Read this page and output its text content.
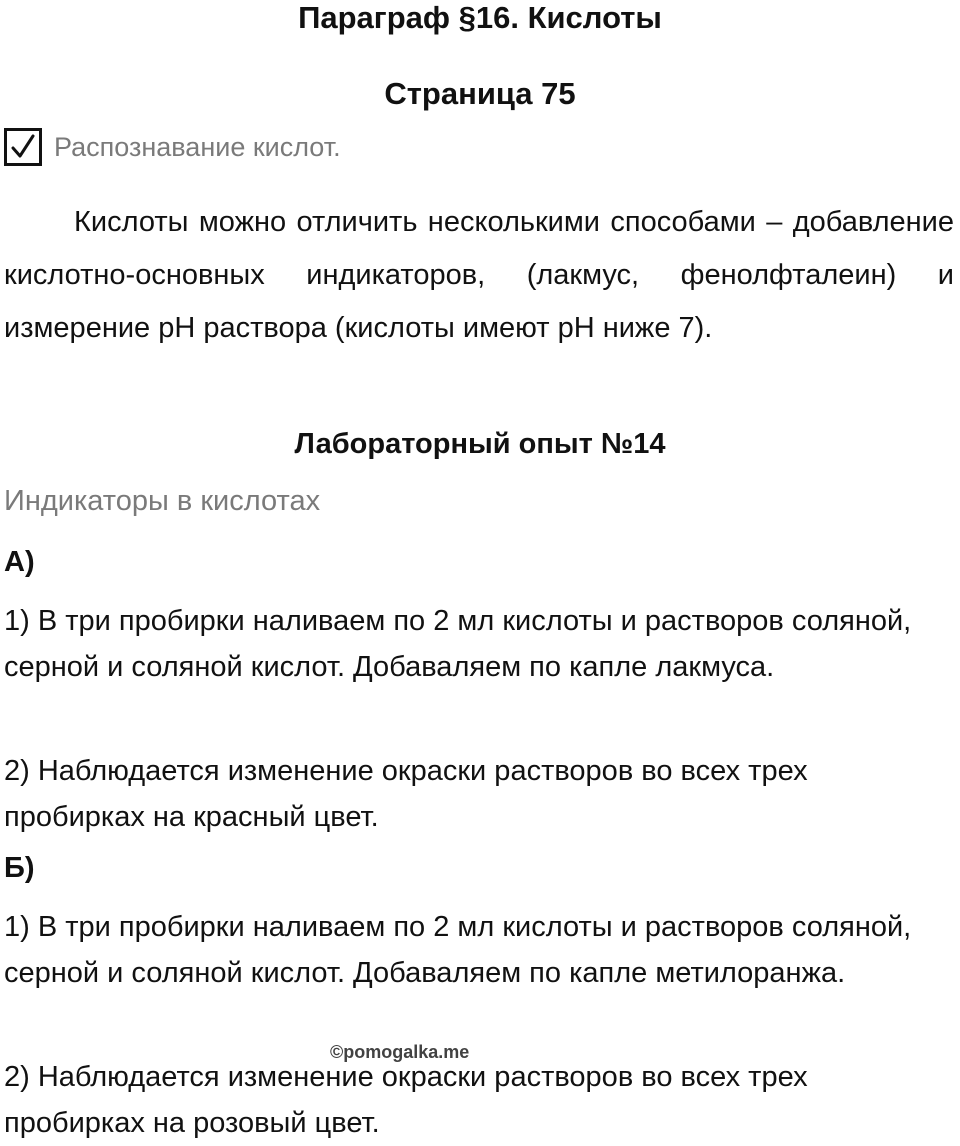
Параграф §16. Кислоты
Страница 75
Распознавание кислот.

Кислоты можно отличить несколькими способами – добавление кислотно-основных индикаторов, (лакмус, фенолфталеин) и измерение pH раствора (кислоты имеют pH ниже 7).

Лабораторный опыт №14

Индикаторы в кислотах

А)

1) В три пробирки наливаем по 2 мл кислоты и растворов соляной, серной и соляной кислот. Добаваляем по капле лакмуса.

2) Наблюдается изменение окраски растворов во всех трех пробирках на красный цвет.

Б)

1) В три пробирки наливаем по 2 мл кислоты и растворов соляной, серной и соляной кислот. Добаваляем по капле метилоранжа.

2) Наблюдается изменение окраски растворов во всех трех пробирках на розовый цвет.

©pomogalka.me
